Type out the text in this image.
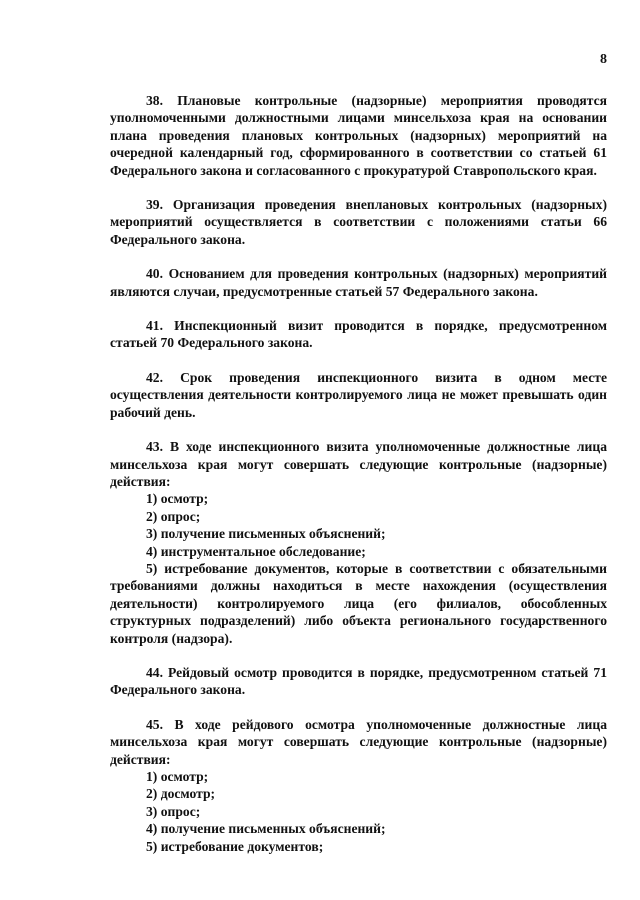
8

38. Плановые контрольные (надзорные) мероприятия проводятся уполномоченными должностными лицами минсельхоза края на основании плана проведения плановых контрольных (надзорных) мероприятий на очередной календарный год, сформированного в соответствии со статьей 61 Федерального закона и согласованного с прокуратурой Ставропольского края.

39. Организация проведения внеплановых контрольных (надзорных) мероприятий осуществляется в соответствии с положениями статьи 66 Федерального закона.

40. Основанием для проведения контрольных (надзорных) мероприятий являются случаи, предусмотренные статьей 57 Федерального закона.

41. Инспекционный визит проводится в порядке, предусмотренном статьей 70 Федерального закона.

42. Срок проведения инспекционного визита в одном месте осуществления деятельности контролируемого лица не может превышать один рабочий день.

43. В ходе инспекционного визита уполномоченные должностные лица минсельхоза края могут совершать следующие контрольные (надзорные) действия:

1) осмотр;
2) опрос;
3) получение письменных объяснений;
4) инструментальное обследование;
5) истребование документов, которые в соответствии с обязательными требованиями должны находиться в месте нахождения (осуществления деятельности) контролируемого лица (его филиалов, обособленных структурных подразделений) либо объекта регионального государственного контроля (надзора).

44. Рейдовый осмотр проводится в порядке, предусмотренном статьей 71 Федерального закона.

45. В ходе рейдового осмотра уполномоченные должностные лица минсельхоза края могут совершать следующие контрольные (надзорные) действия:

1) осмотр;
2) досмотр;
3) опрос;
4) получение письменных объяснений;
5) истребование документов;
